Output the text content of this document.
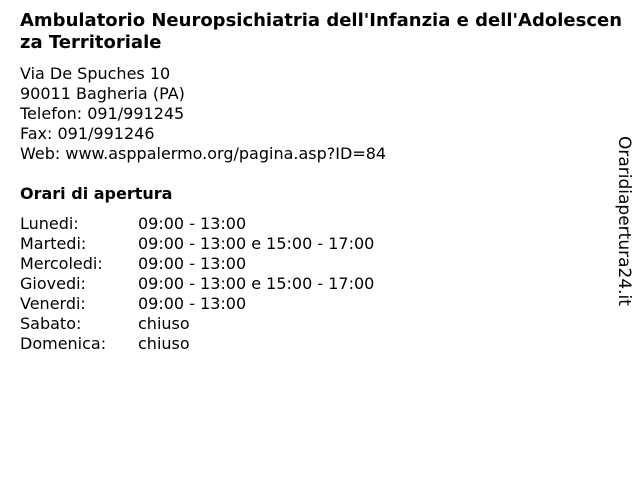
Ambulatorio Neuropsichiatria dell'Infanzia e dell'Adolescenza Territoriale
Via De Spuches 10
90011 Bagheria (PA)
Telefon: 091/991245
Fax: 091/991246
Web: www.asppalermo.org/pagina.asp?ID=84
Orari di apertura
Lunedi:	09:00 - 13:00
Martedi:	09:00 - 13:00 e 15:00 - 17:00
Mercoledi:	09:00 - 13:00
Giovedi:	09:00 - 13:00 e 15:00 - 17:00
Venerdi:	09:00 - 13:00
Sabato:	chiuso
Domenica:	chiuso
Oraridiapertura24.it
